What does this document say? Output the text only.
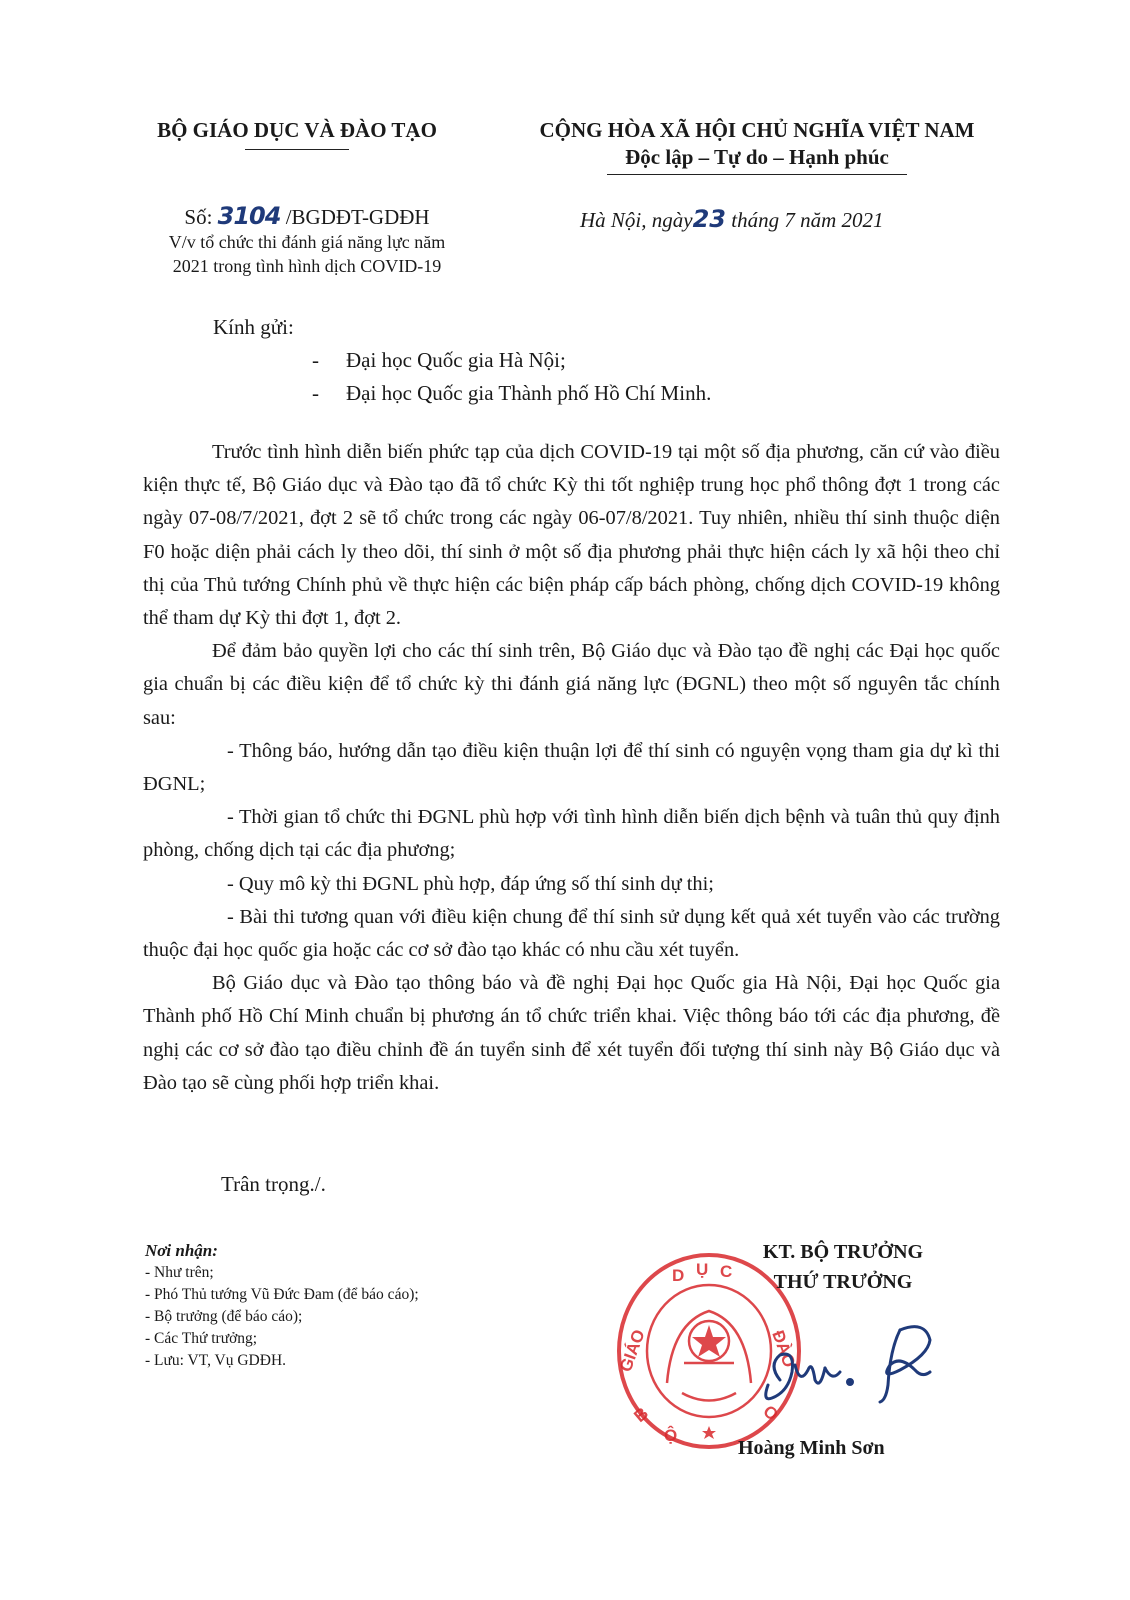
BỘ GIÁO DỤC VÀ ĐÀO TẠO	CỘNG HÒA XÃ HỘI CHỦ NGHĨA VIỆT NAM
Độc lập – Tự do – Hạnh phúc
Số: 3104 /BGDĐT-GDĐH
V/v tổ chức thi đánh giá năng lực năm
2021 trong tình hình dịch COVID-19
Hà Nội, ngày23 tháng 7 năm 2021
Kính gửi:
- Đại học Quốc gia Hà Nội;
- Đại học Quốc gia Thành phố Hồ Chí Minh.

Trước tình hình diễn biến phức tạp của dịch COVID-19 tại một số địa phương, căn cứ vào điều kiện thực tế, Bộ Giáo dục và Đào tạo đã tổ chức Kỳ thi tốt nghiệp trung học phổ thông đợt 1 trong các ngày 07-08/7/2021, đợt 2 sẽ tổ chức trong các ngày 06-07/8/2021. Tuy nhiên, nhiều thí sinh thuộc diện F0 hoặc diện phải cách ly theo dõi, thí sinh ở một số địa phương phải thực hiện cách ly xã hội theo chỉ thị của Thủ tướng Chính phủ về thực hiện các biện pháp cấp bách phòng, chống dịch COVID-19 không thể tham dự Kỳ thi đợt 1, đợt 2.

Để đảm bảo quyền lợi cho các thí sinh trên, Bộ Giáo dục và Đào tạo đề nghị các Đại học quốc gia chuẩn bị các điều kiện để tổ chức kỳ thi đánh giá năng lực (ĐGNL) theo một số nguyên tắc chính sau:

- Thông báo, hướng dẫn tạo điều kiện thuận lợi để thí sinh có nguyện vọng tham gia dự kì thi ĐGNL;

- Thời gian tổ chức thi ĐGNL phù hợp với tình hình diễn biến dịch bệnh và tuân thủ quy định phòng, chống dịch tại các địa phương;

- Quy mô kỳ thi ĐGNL phù hợp, đáp ứng số thí sinh dự thi;

- Bài thi tương quan với điều kiện chung để thí sinh sử dụng kết quả xét tuyển vào các trường thuộc đại học quốc gia hoặc các cơ sở đào tạo khác có nhu cầu xét tuyển.

Bộ Giáo dục và Đào tạo thông báo và đề nghị Đại học Quốc gia Hà Nội, Đại học Quốc gia Thành phố Hồ Chí Minh chuẩn bị phương án tổ chức triển khai. Việc thông báo tới các địa phương, đề nghị các cơ sở đào tạo điều chỉnh đề án tuyển sinh để xét tuyển đối tượng thí sinh này Bộ Giáo dục và Đào tạo sẽ cùng phối hợp triển khai.

Trân trọng./.
Nơi nhận:
- Như trên;
- Phó Thủ tướng Vũ Đức Đam (để báo cáo);
- Bộ trưởng (để báo cáo);
- Các Thứ trưởng;
- Lưu: VT, Vụ GDĐH.
D Ụ C
GIÁO
B
Ộ
ĐÀO
O
KT. BỘ TRƯỞNG
THỨ TRƯỞNG
Hoàng Minh Sơn
